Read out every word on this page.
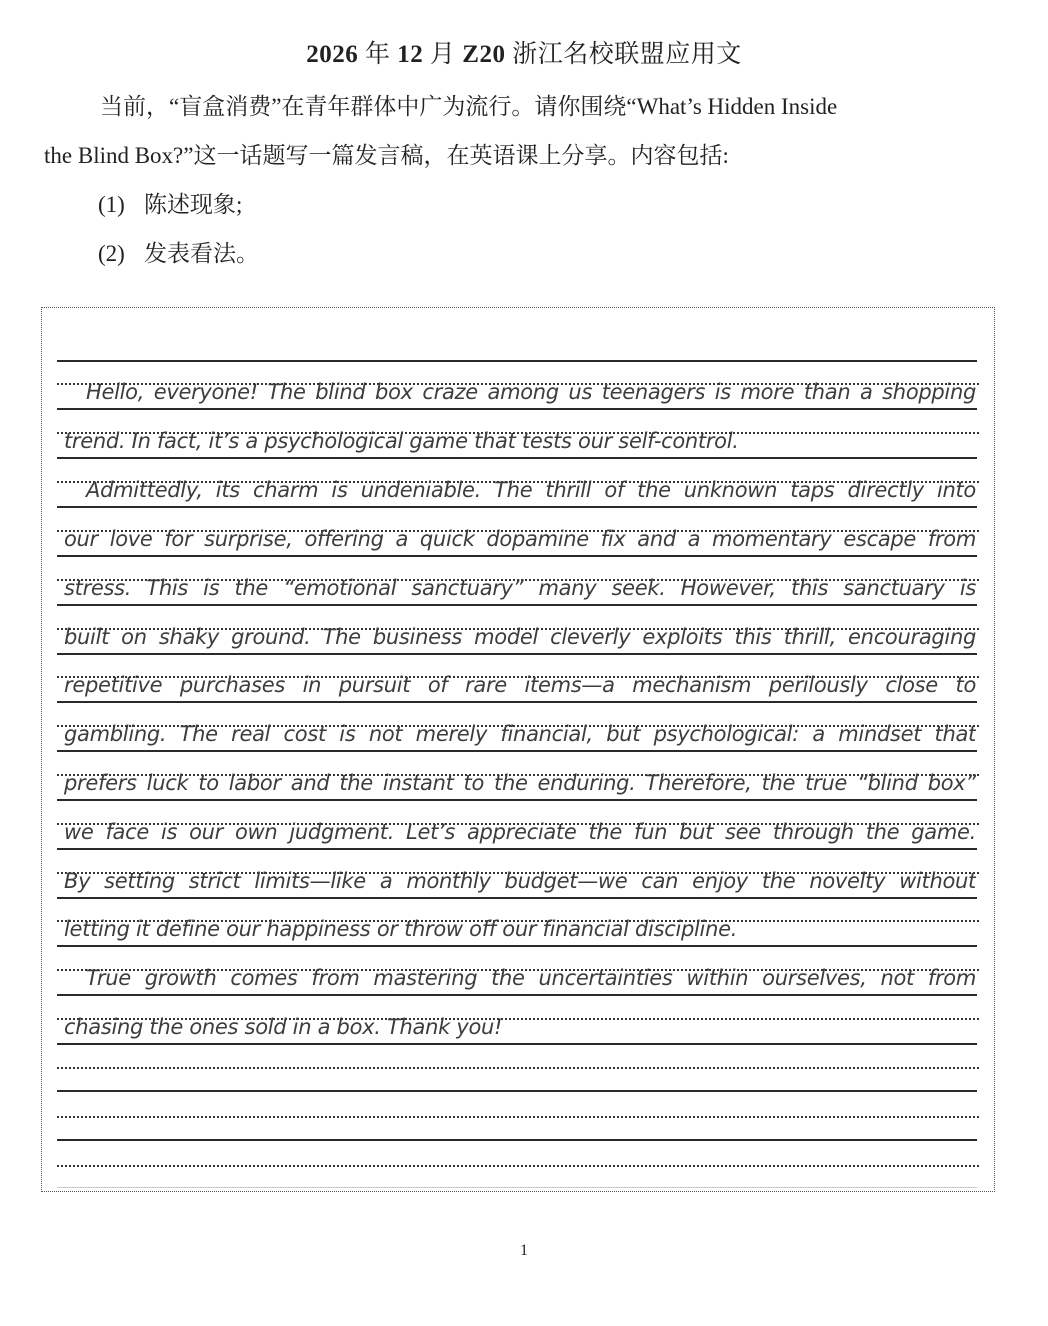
2026 年 12 月 Z20 浙江名校联盟应用文
当前，“盲盒消费”在青年群体中广为流行。请你围绕“What’s Hidden Inside
the Blind Box?”这一话题写一篇发言稿，在英语课上分享。内容包括:
(1) 陈述现象;
(2) 发表看法。
Hello, everyone! The blind box craze among us teenagers is more than a shopping
trend. In fact, it’s a psychological game that tests our self-control.
Admittedly, its charm is undeniable. The thrill of the unknown taps directly into
our love for surprise, offering a quick dopamine fix and a momentary escape from
stress. This is the “emotional sanctuary” many seek. However, this sanctuary is
built on shaky ground. The business model cleverly exploits this thrill, encouraging
repetitive purchases in pursuit of rare items—a mechanism perilously close to
gambling. The real cost is not merely financial, but psychological: a mindset that
prefers luck to labor and the instant to the enduring. Therefore, the true “blind box”
we face is our own judgment. Let’s appreciate the fun but see through the game.
By setting strict limits—like a monthly budget—we can enjoy the novelty without
letting it define our happiness or throw off our financial discipline.
True growth comes from mastering the uncertainties within ourselves, not from
chasing the ones sold in a box. Thank you!
1
